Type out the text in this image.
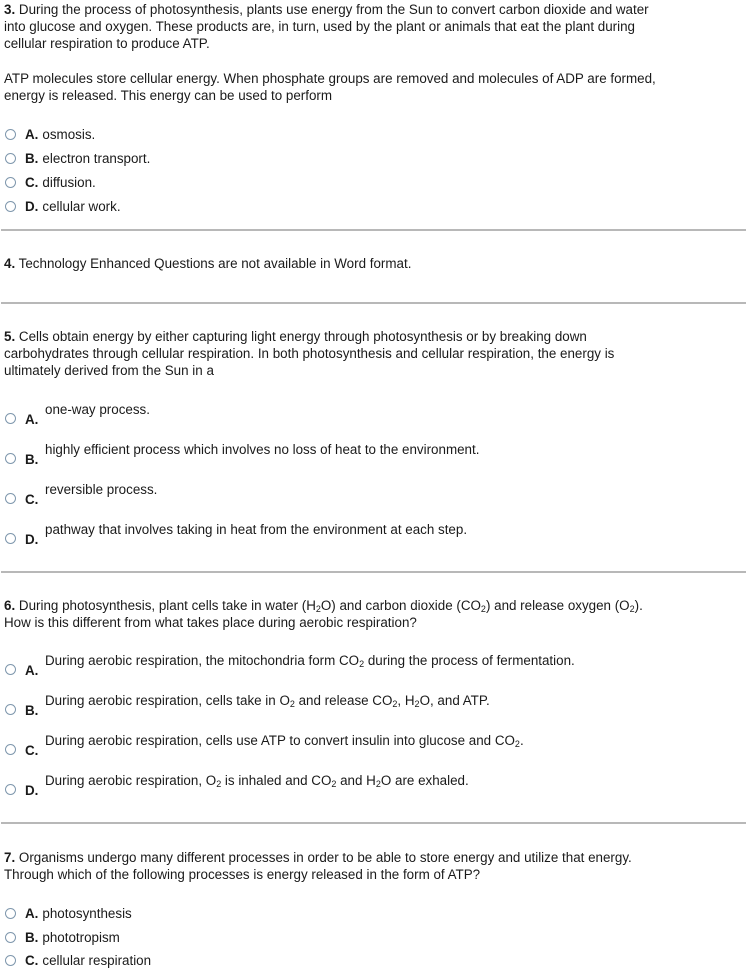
3. During the process of photosynthesis, plants use energy from the Sun to convert carbon dioxide and water
into glucose and oxygen. These products are, in turn, used by the plant or animals that eat the plant during
cellular respiration to produce ATP.
ATP molecules store cellular energy. When phosphate groups are removed and molecules of ADP are formed,
energy is released. This energy can be used to perform
A. osmosis.
B. electron transport.
C. diffusion.
D. cellular work.
4. Technology Enhanced Questions are not available in Word format.
5. Cells obtain energy by either capturing light energy through photosynthesis or by breaking down
carbohydrates through cellular respiration. In both photosynthesis and cellular respiration, the energy is
ultimately derived from the Sun in a
A.
one-way process.
B.
highly efficient process which involves no loss of heat to the environment.
C.
reversible process.
D.
pathway that involves taking in heat from the environment at each step.
6. During photosynthesis, plant cells take in water $(H_2O)$ and carbon dioxide $(CO_2)$ and release oxygen $(O_2)$.
How is this different from what takes place during aerobic respiration?
A.
During aerobic respiration, the mitochondria form $CO_2$ during the process of fermentation.
B.
During aerobic respiration, cells take in $O_2$ and release $CO_2$, $H_2O$, and ATP.
C.
During aerobic respiration, cells use ATP to convert insulin into glucose and $CO_2$.
D.
During aerobic respiration, $O_2$ is inhaled and $CO_2$ and $H_2O$ are exhaled.
7. Organisms undergo many different processes in order to be able to store energy and utilize that energy.
Through which of the following processes is energy released in the form of ATP?
A. photosynthesis
B. phototropism
C. cellular respiration
